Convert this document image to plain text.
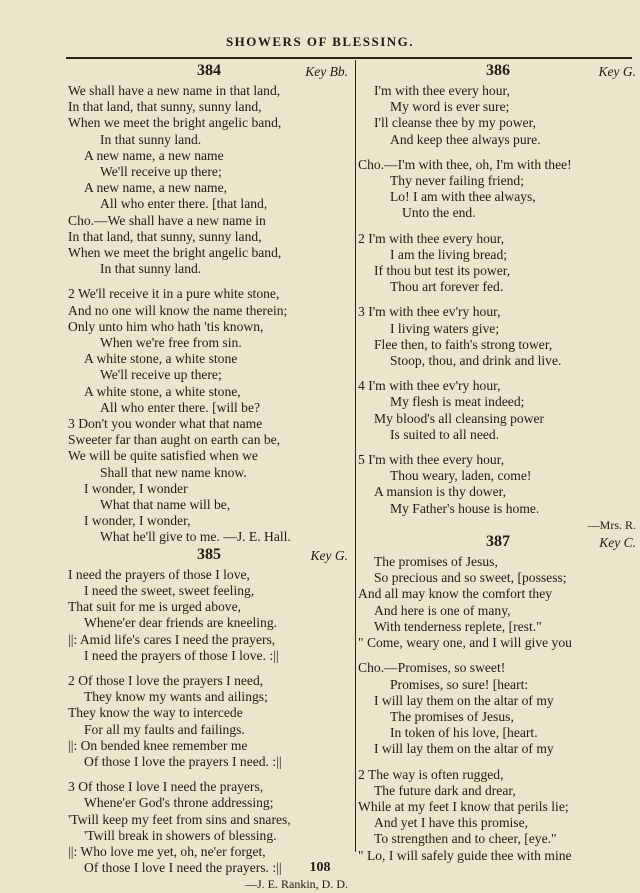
SHOWERS OF BLESSING.
384	Key Bb.
We shall have a new name in that land,
In that land, that sunny, sunny land,
When we meet the bright angelic band,
In that sunny land.
A new name, a new name
We'll receive up there;
A new name, a new name,
All who enter there. [that land,
Cho.—We shall have a new name in
In that land, that sunny, sunny land,
When we meet the bright angelic band,
In that sunny land.
2 We'll receive it in a pure white stone,
And no one will know the name therein;
Only unto him who hath 'tis known,
When we're free from sin.
A white stone, a white stone
We'll receive up there;
A white stone, a white stone,
All who enter there. [will be?
3 Don't you wonder what that name
Sweeter far than aught on earth can be,
We will be quite satisfied when we
Shall that new name know.
I wonder, I wonder
What that name will be,
I wonder, I wonder,
What he'll give to me. —J. E. Hall.
385	Key G.
I need the prayers of those I love,
I need the sweet, sweet feeling,
That suit for me is urged above,
Whene'er dear friends are kneeling.
||: Amid life's cares I need the prayers,
I need the prayers of those I love. :||
2 Of those I love the prayers I need,
They know my wants and ailings;
They know the way to intercede
For all my faults and failings.
||: On bended knee remember me
Of those I love the prayers I need. :||
3 Of those I love I need the prayers,
Whene'er God's throne addressing;
'Twill keep my feet from sins and snares,
'Twill break in showers of blessing.
||: Who love me yet, oh, ne'er forget,
Of those I love I need the prayers. :||
—J. E. Rankin, D. D.
386	Key G.
I'm with thee every hour,
My word is ever sure;
I'll cleanse thee by my power,
And keep thee always pure.
Cho.—I'm with thee, oh, I'm with thee!
Thy never failing friend;
Lo! I am with thee always,
Unto the end.
2 I'm with thee every hour,
I am the living bread;
If thou but test its power,
Thou art forever fed.
3 I'm with thee ev'ry hour,
I living waters give;
Flee then, to faith's strong tower,
Stoop, thou, and drink and live.
4 I'm with thee ev'ry hour,
My flesh is meat indeed;
My blood's all cleansing power
Is suited to all need.
5 I'm with thee every hour,
Thou weary, laden, come!
A mansion is thy dower,
My Father's house is home.
—Mrs. R.
387	Key C.
The promises of Jesus,
So precious and so sweet, [possess;
And all may know the comfort they
And here is one of many,
With tenderness replete, [rest."
" Come, weary one, and I will give you
Cho.—Promises, so sweet!
Promises, so sure! [heart:
I will lay them on the altar of my
The promises of Jesus,
In token of his love, [heart.
I will lay them on the altar of my
2 The way is often rugged,
The future dark and drear,
While at my feet I know that perils lie;
And yet I have this promise,
To strengthen and to cheer, [eye."
" Lo, I will safely guide thee with mine
108
